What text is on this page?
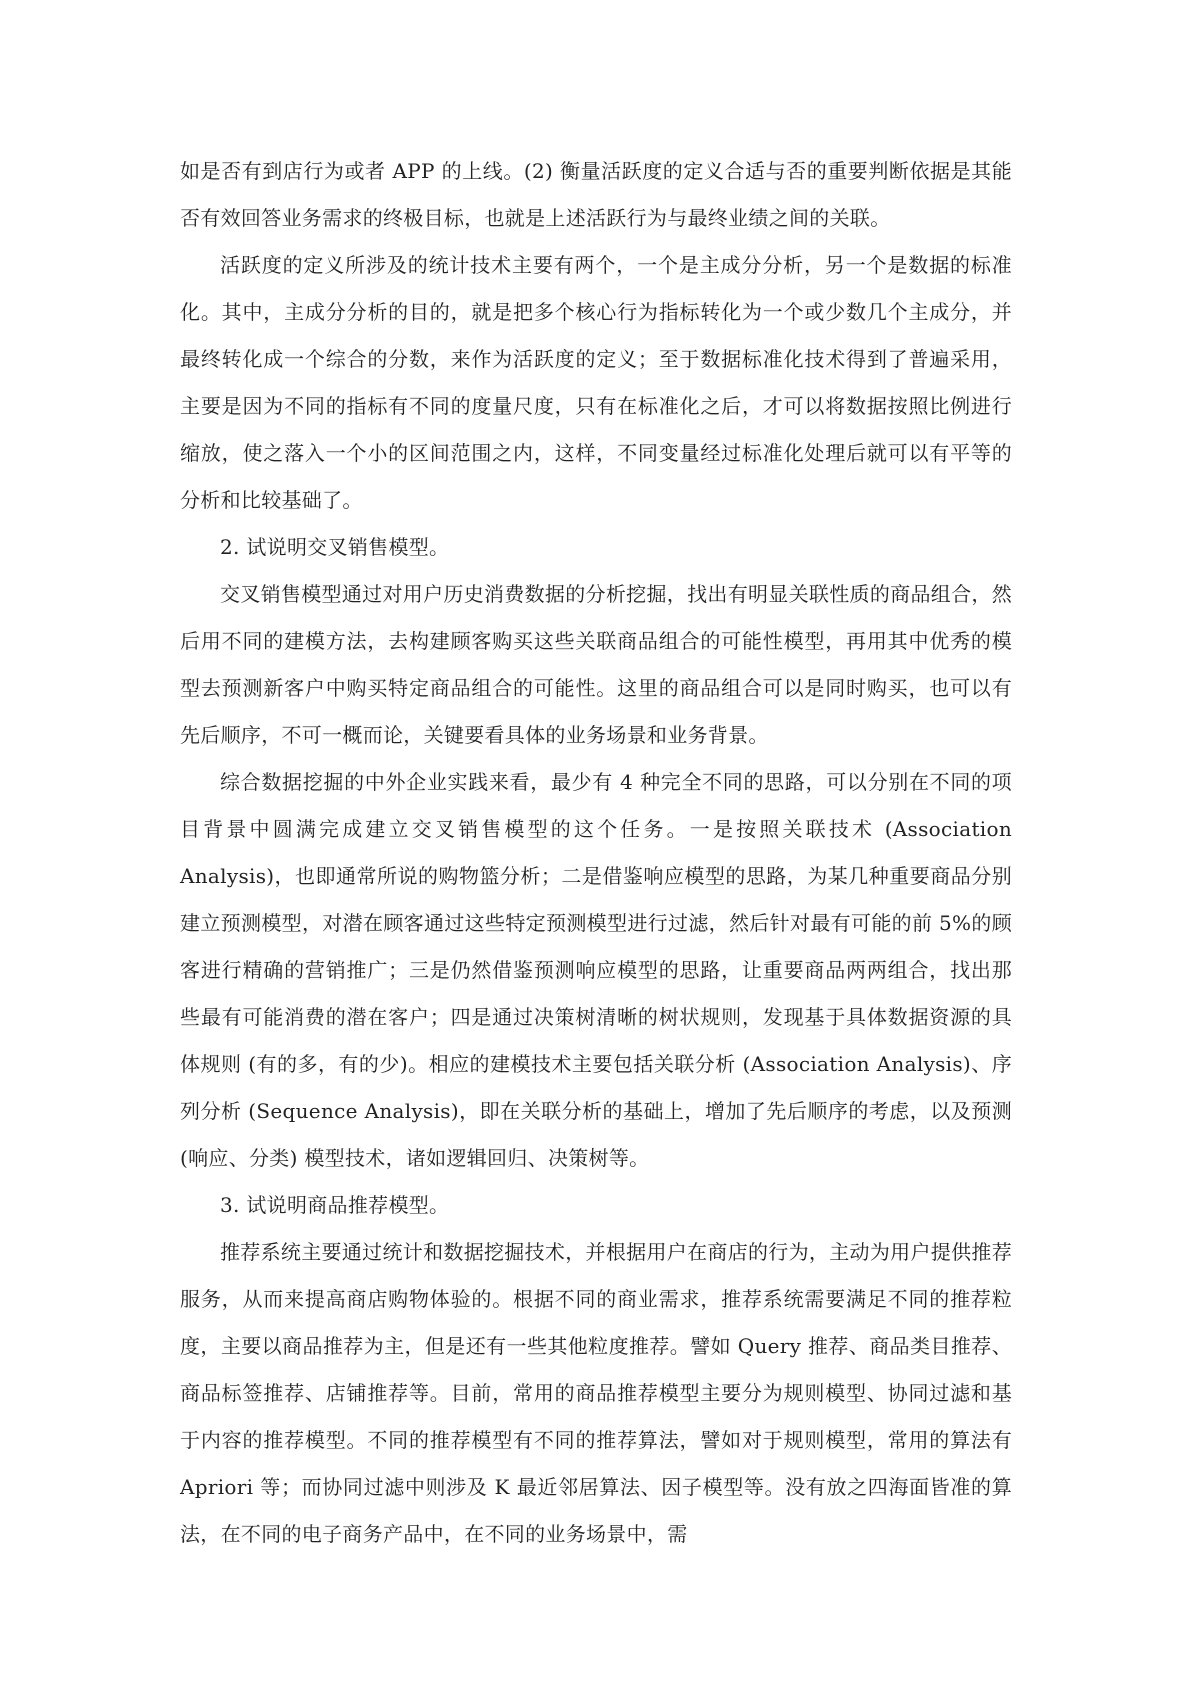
如是否有到店行为或者 APP 的上线。(2) 衡量活跃度的定义合适与否的重要判断依据是其能否有效回答业务需求的终极目标，也就是上述活跃行为与最终业绩之间的关联。

活跃度的定义所涉及的统计技术主要有两个，一个是主成分分析，另一个是数据的标准化。其中，主成分分析的目的，就是把多个核心行为指标转化为一个或少数几个主成分，并最终转化成一个综合的分数，来作为活跃度的定义；至于数据标准化技术得到了普遍采用，主要是因为不同的指标有不同的度量尺度，只有在标准化之后，才可以将数据按照比例进行缩放，使之落入一个小的区间范围之内，这样，不同变量经过标准化处理后就可以有平等的分析和比较基础了。

2. 试说明交叉销售模型。

交叉销售模型通过对用户历史消费数据的分析挖掘，找出有明显关联性质的商品组合，然后用不同的建模方法，去构建顾客购买这些关联商品组合的可能性模型，再用其中优秀的模型去预测新客户中购买特定商品组合的可能性。这里的商品组合可以是同时购买，也可以有先后顺序，不可一概而论，关键要看具体的业务场景和业务背景。

综合数据挖掘的中外企业实践来看，最少有 4 种完全不同的思路，可以分别在不同的项目背景中圆满完成建立交叉销售模型的这个任务。一是按照关联技术 (Association Analysis)，也即通常所说的购物篮分析；二是借鉴响应模型的思路，为某几种重要商品分别建立预测模型，对潜在顾客通过这些特定预测模型进行过滤，然后针对最有可能的前 5%的顾客进行精确的营销推广；三是仍然借鉴预测响应模型的思路，让重要商品两两组合，找出那些最有可能消费的潜在客户；四是通过决策树清晰的树状规则，发现基于具体数据资源的具体规则 (有的多，有的少)。相应的建模技术主要包括关联分析 (Association Analysis)、序列分析 (Sequence Analysis)，即在关联分析的基础上，增加了先后顺序的考虑，以及预测 (响应、分类) 模型技术，诸如逻辑回归、决策树等。

3. 试说明商品推荐模型。

推荐系统主要通过统计和数据挖掘技术，并根据用户在商店的行为，主动为用户提供推荐服务，从而来提高商店购物体验的。根据不同的商业需求，推荐系统需要满足不同的推荐粒度，主要以商品推荐为主，但是还有一些其他粒度推荐。譬如 Query 推荐、商品类目推荐、商品标签推荐、店铺推荐等。目前，常用的商品推荐模型主要分为规则模型、协同过滤和基于内容的推荐模型。不同的推荐模型有不同的推荐算法，譬如对于规则模型，常用的算法有 Apriori 等；而协同过滤中则涉及 K 最近邻居算法、因子模型等。没有放之四海面皆准的算法，在不同的电子商务产品中，在不同的业务场景中，需
